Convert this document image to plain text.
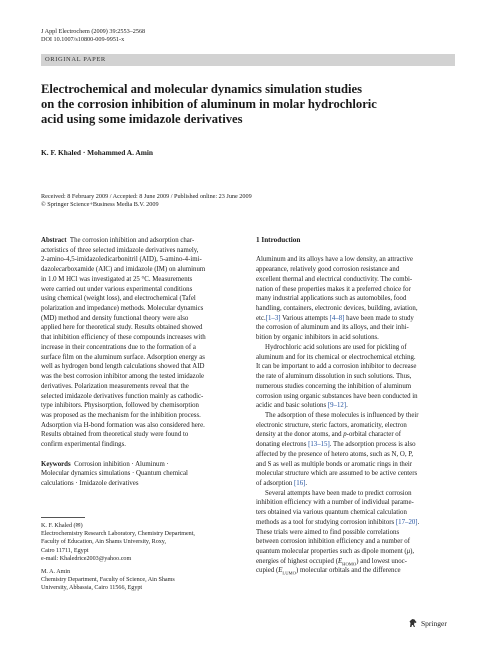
J Appl Electrochem (2009) 39:2553–2568
DOI 10.1007/s10800-009-9951-x
ORIGINAL PAPER
Electrochemical and molecular dynamics simulation studies
on the corrosion inhibition of aluminum in molar hydrochloric
acid using some imidazole derivatives
K. F. Khaled · Mohammed A. Amin
Received: 8 February 2009 / Accepted: 8 June 2009 / Published online: 23 June 2009
© Springer Science+Business Media B.V. 2009
Abstract The corrosion inhibition and adsorption char-
acteristics of three selected imidazole derivatives namely,
2-amino-4,5-imidazoledicarbonitril (AID), 5-amino-4-imi-
dazolecarboxamide (AIC) and imidazole (IM) on aluminum
in 1.0 M HCl was investigated at 25 °C. Measurements
were carried out under various experimental conditions
using chemical (weight loss), and electrochemical (Tafel
polarization and impedance) methods. Molecular dynamics
(MD) method and density functional theory were also
applied here for theoretical study. Results obtained showed
that inhibition efficiency of these compounds increases with
increase in their concentrations due to the formation of a
surface film on the aluminum surface. Adsorption energy as
well as hydrogen bond length calculations showed that AID
was the best corrosion inhibitor among the tested imidazole
derivatives. Polarization measurements reveal that the
selected imidazole derivatives function mainly as cathodic-
type inhibitors. Physisorption, followed by chemisorption
was proposed as the mechanism for the inhibition process.
Adsorption via H-bond formation was also considered here.
Results obtained from theoretical study were found to
confirm experimental findings.
Keywords Corrosion inhibition · Aluminum ·
Molecular dynamics simulations · Quantum chemical
calculations · Imidazole derivatives
K. F. Khaled (✉)
Electrochemistry Research Laboratory, Chemistry Department,
Faculty of Education, Ain Shams University, Roxy,
Cairo 11711, Egypt
e-mail: Khaledrice2003@yahoo.com
M. A. Amin
Chemistry Department, Faculty of Science, Ain Shams
University, Abbassia, Cairo 11566, Egypt
1 Introduction
Aluminum and its alloys have a low density, an attractive
appearance, relatively good corrosion resistance and
excellent thermal and electrical conductivity. The combi-
nation of these properties makes it a preferred choice for
many industrial applications such as automobiles, food
handling, containers, electronic devices, building, aviation,
etc.[1–3] Various attempts [4–8] have been made to study
the corrosion of aluminum and its alloys, and their inhi-
bition by organic inhibitors in acid solutions.
Hydrochloric acid solutions are used for pickling of
aluminum and for its chemical or electrochemical etching.
It can be important to add a corrosion inhibitor to decrease
the rate of aluminum dissolution in such solutions. Thus,
numerous studies concerning the inhibition of aluminum
corrosion using organic substances have been conducted in
acidic and basic solutions [9–12].
The adsorption of these molecules is influenced by their
electronic structure, steric factors, aromaticity, electron
density at the donor atoms, and p-orbital character of
donating electrons [13–15]. The adsorption process is also
affected by the presence of hetero atoms, such as N, O, P,
and S as well as multiple bonds or aromatic rings in their
molecular structure which are assumed to be active centers
of adsorption [16].
Several attempts have been made to predict corrosion
inhibition efficiency with a number of individual parame-
ters obtained via various quantum chemical calculation
methods as a tool for studying corrosion inhibitors [17–20].
These trials were aimed to find possible correlations
between corrosion inhibition efficiency and a number of
quantum molecular properties such as dipole moment (μ),
energies of highest occupied $(E_{HOMO})$ and lowest unoc-
cupied $(E_{LUMO})$ molecular orbitals and the difference
Springer
